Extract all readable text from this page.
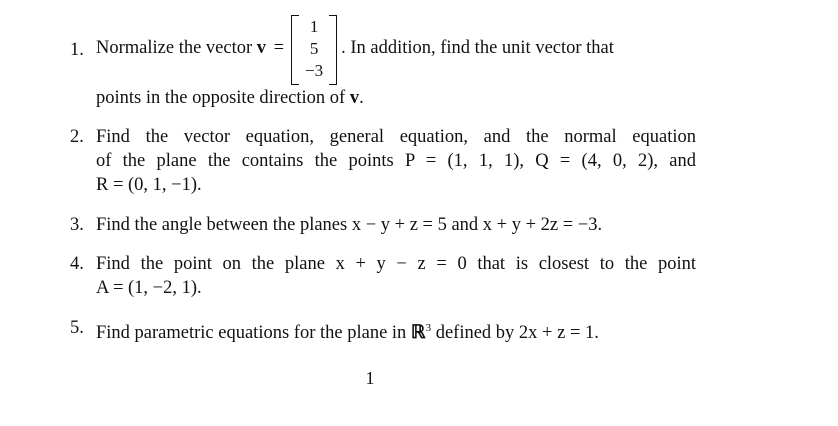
1. Normalize the vector v =
1
5
−3
. In addition, find the unit vector that
points in the opposite direction of v.
2. Find the vector equation, general equation, and the normal equation
of the plane the contains the points P = (1, 1, 1), Q = (4, 0, 2), and
R = (0, 1, −1).
3. Find the angle between the planes x − y + z = 5 and x + y + 2z = −3.
4. Find the point on the plane x + y − z = 0 that is closest to the point
A = (1, −2, 1).
5. Find parametric equations for the plane in ℝ$^3$ defined by 2x + z = 1.
1
